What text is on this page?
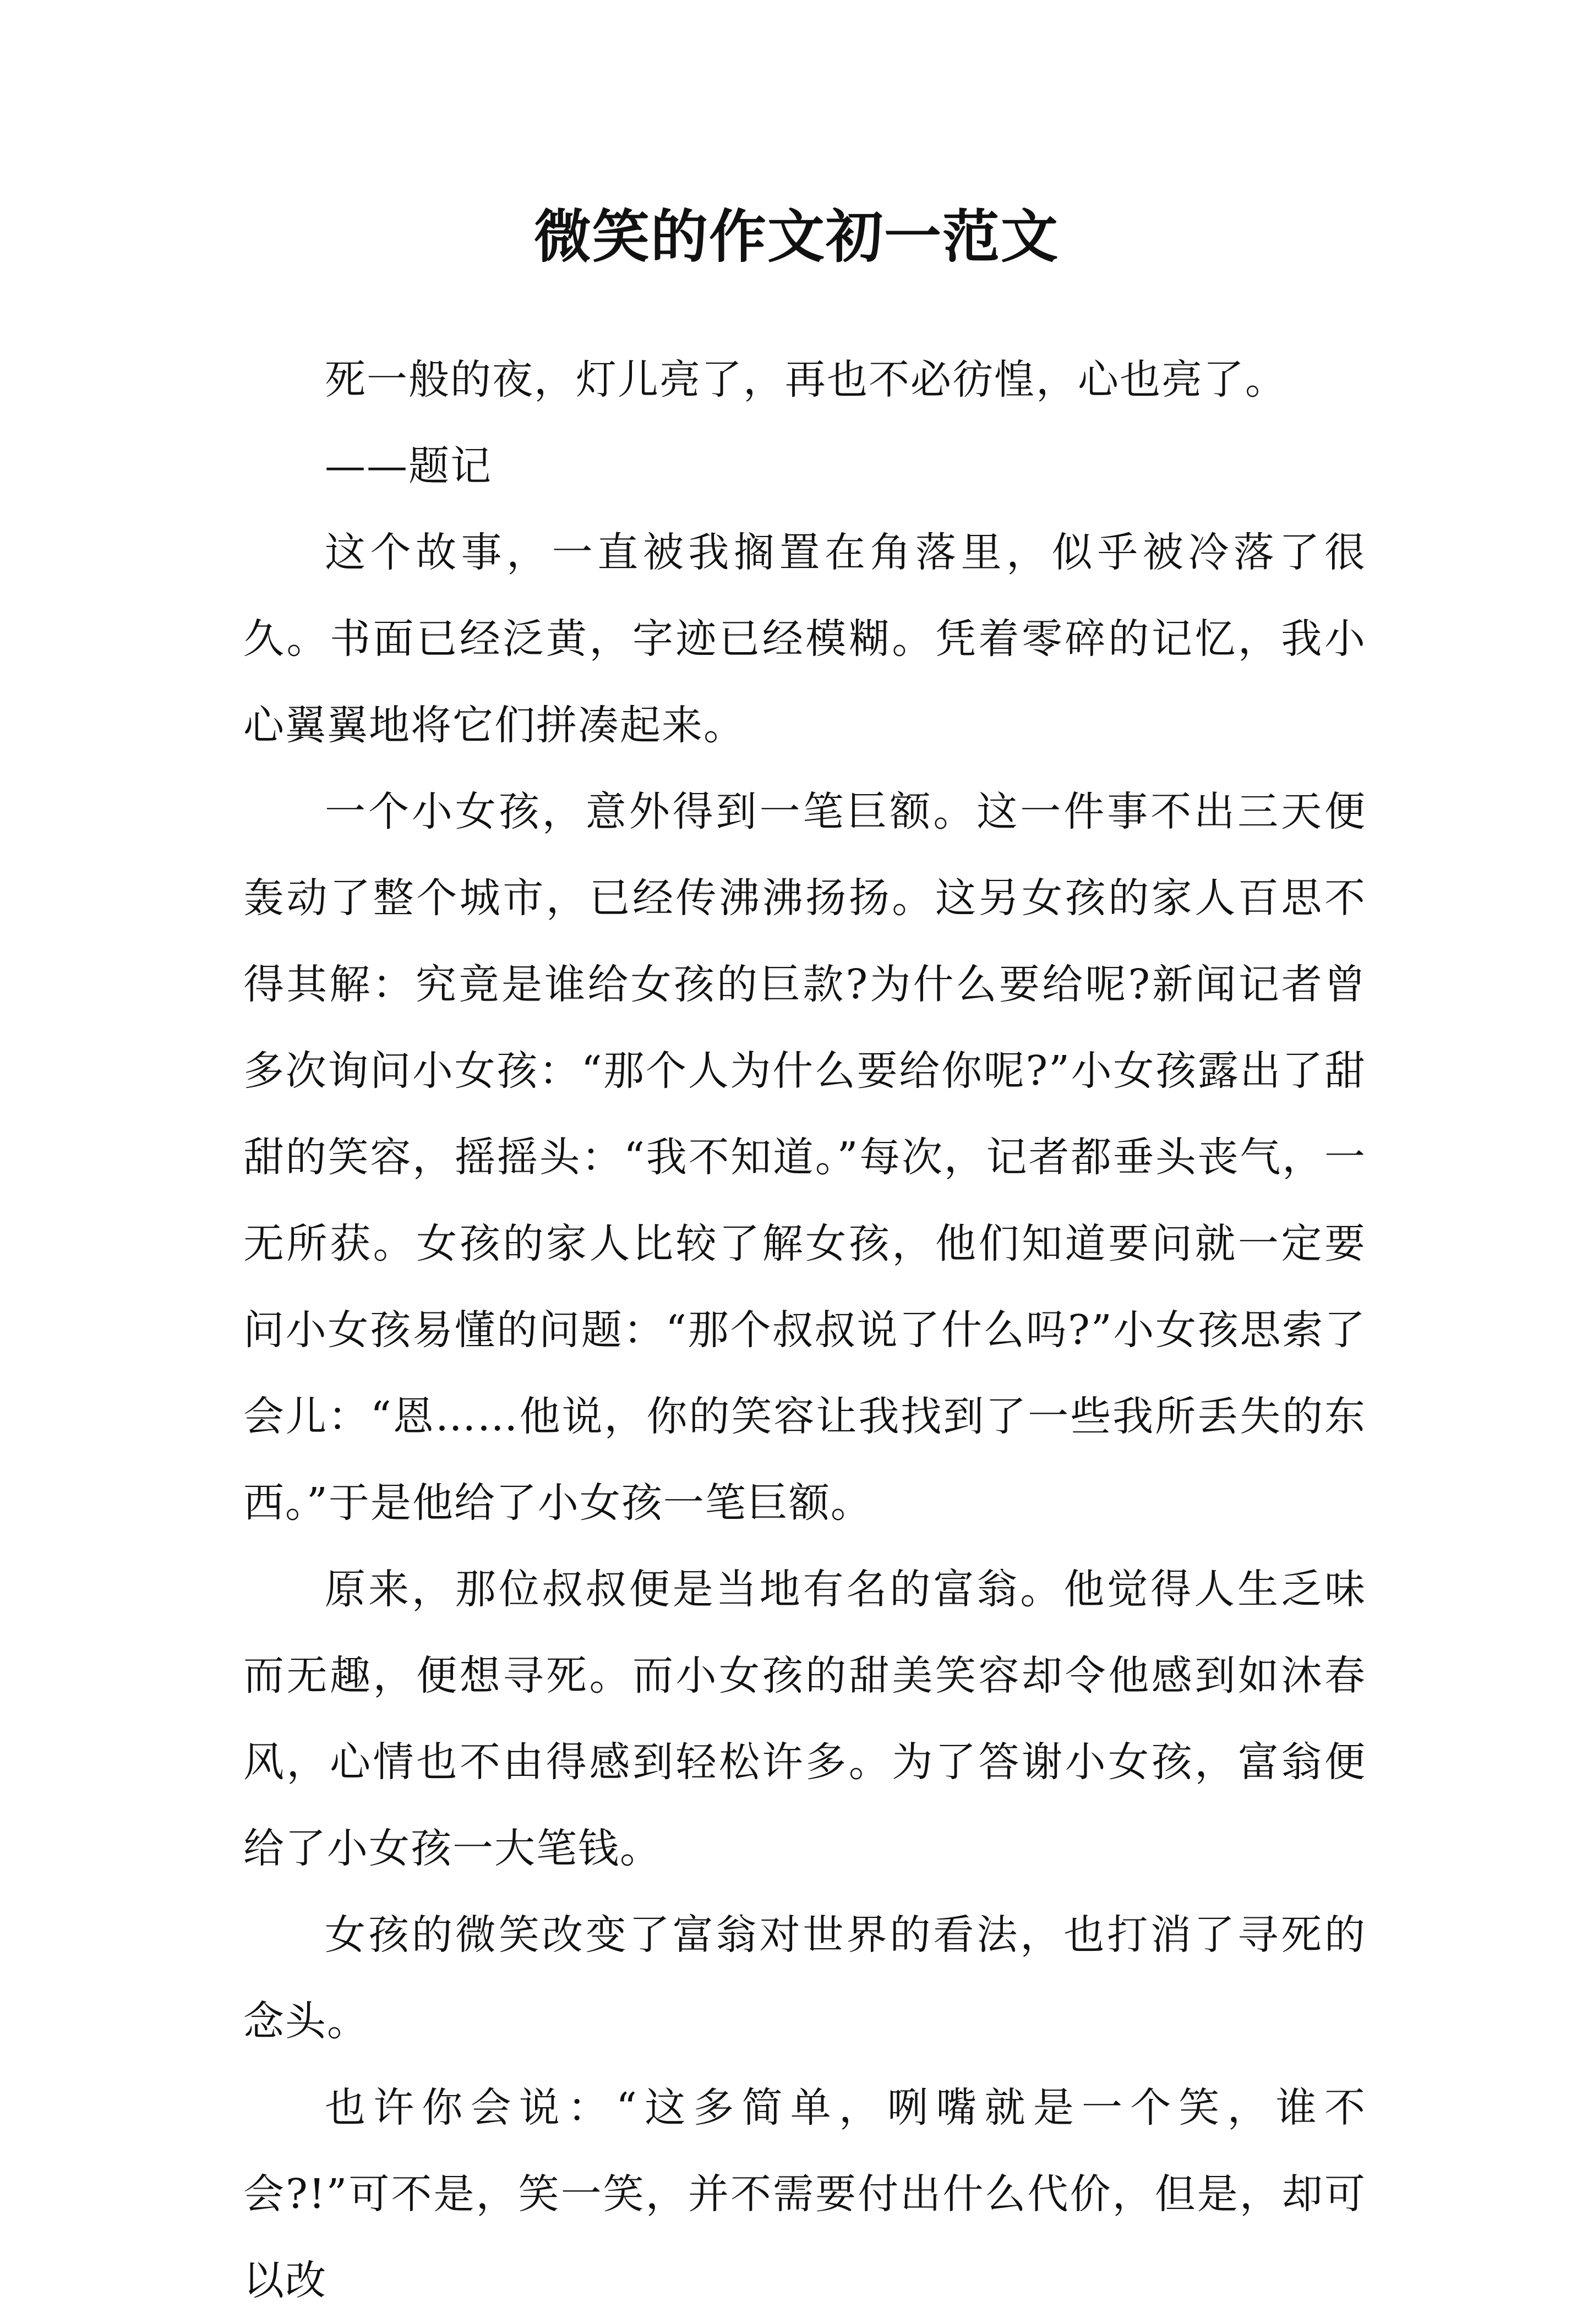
微笑的作文初一范文

死一般的夜，灯儿亮了，再也不必彷惶，心也亮了。

——题记

这个故事，一直被我搁置在角落里，似乎被冷落了很久。书面已经泛黄，字迹已经模糊。凭着零碎的记忆，我小心翼翼地将它们拼凑起来。

一个小女孩，意外得到一笔巨额。这一件事不出三天便轰动了整个城市，已经传沸沸扬扬。这另女孩的家人百思不得其解：究竟是谁给女孩的巨款?为什么要给呢?新闻记者曾多次询问小女孩：“那个人为什么要给你呢?”小女孩露出了甜甜的笑容，摇摇头：“我不知道。”每次，记者都垂头丧气，一无所获。女孩的家人比较了解女孩，他们知道要问就一定要问小女孩易懂的问题：“那个叔叔说了什么吗?”小女孩思索了会儿：“恩……他说，你的笑容让我找到了一些我所丢失的东西。”于是他给了小女孩一笔巨额。

原来，那位叔叔便是当地有名的富翁。他觉得人生乏味而无趣，便想寻死。而小女孩的甜美笑容却令他感到如沐春风，心情也不由得感到轻松许多。为了答谢小女孩，富翁便给了小女孩一大笔钱。

女孩的微笑改变了富翁对世界的看法，也打消了寻死的念头。

也许你会说：“这多简单，咧嘴就是一个笑，谁不会?!”可不是，笑一笑，并不需要付出什么代价，但是，却可以改
